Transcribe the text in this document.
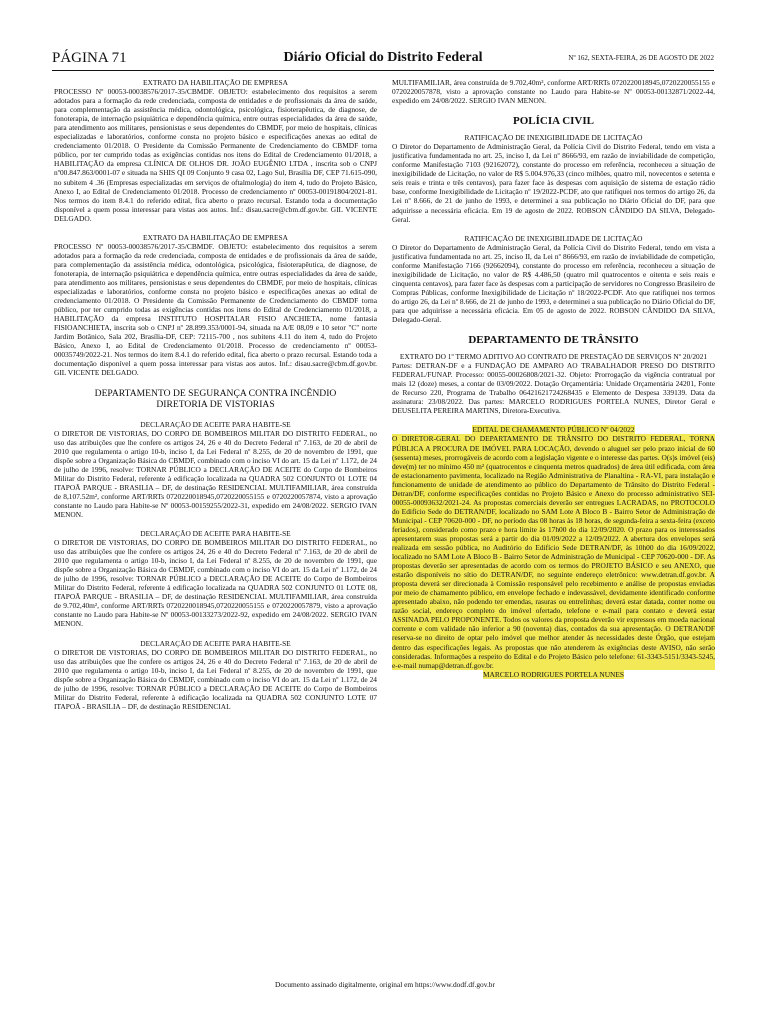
PÁGINA 71	Diário Oficial do Distrito Federal	Nº 162, SEXTA-FEIRA, 26 DE AGOSTO DE 2022

EXTRATO DA HABILITAÇÃO DE EMPRESA

PROCESSO Nº 00053-00038576/2017-35/CBMDF. OBJETO: estabelecimento dos requisitos a serem adotados para a formação da rede credenciada, composta de entidades e de profissionais da área de saúde, para complementação da assistência médica, odontológica, psicológica, fisioterapêutica, de diagnose, de fonoterapia, de internação psiquiátrica e dependência química, entre outras especialidades da área de saúde, para atendimento aos militares, pensionistas e seus dependentes do CBMDF, por meio de hospitais, clínicas especializadas e laboratórios, conforme consta no projeto básico e especificações anexas ao edital de credenciamento 01/2018. O Presidente da Comissão Permanente de Credenciamento do CBMDF torna público, por ter cumprido todas as exigências contidas nos itens do Edital de Credenciamento 01/2018, a HABILITAÇÃO da empresa CLÍNICA DE OLHOS DR. JOÃO EUGÊNIO LTDA , inscrita sob o CNPJ nº00.847.863/0001-07 e situada na SHIS QI 09 Conjunto 9 casa 02, Lago Sul, Brasília DF, CEP 71.615-090, no subitem 4 .36 (Empresas especializadas em serviços de oftalmologia) do item 4, tudo do Projeto Básico, Anexo I, ao Edital de Credenciamento 01/2018. Processo de credenciamento nº 00053-00191804/2021-81. Nos termos do item 8.4.1 do referido edital, fica aberto o prazo recursal. Estando toda a documentação disponível a quem possa interessar para vistas aos autos. Inf.: disau.sacre@cbm.df.gov.br. GIL VICENTE DELGADO.

EXTRATO DA HABILITAÇÃO DE EMPRESA

PROCESSO Nº 00053-00038576/2017-35/CBMDF. OBJETO: estabelecimento dos requisitos a serem adotados para a formação da rede credenciada, composta de entidades e de profissionais da área de saúde, para complementação da assistência médica, odontológica, psicológica, fisioterapêutica, de diagnose, de fonoterapia, de internação psiquiátrica e dependência química, entre outras especialidades da área de saúde, para atendimento aos militares, pensionistas e seus dependentes do CBMDF, por meio de hospitais, clínicas especializadas e laboratórios, conforme consta no projeto básico e especificações anexas ao edital de credenciamento 01/2018. O Presidente da Comissão Permanente de Credenciamento do CBMDF torna público, por ter cumprido todas as exigências contidas nos itens do Edital de Credenciamento 01/2018, a HABILITAÇÃO da empresa INSTITUTO HOSPITALAR FISIO ANCHIETA, nome fantasia FISIOANCHIETA, inscrita sob o CNPJ nº 28.899.353/0001-94, situada na A/E 08,09 e 10 setor "C" norte Jardim Botânico, Sala 202, Brasília-DF, CEP: 72115-700 , nos subitens 4.11 do item 4, tudo do Projeto Básico, Anexo I, ao Edital de Credenciamento 01/2018. Processo de credenciamento nº 00053-00035749/2022-21. Nos termos do item 8.4.1 do referido edital, fica aberto o prazo recursal. Estando toda a documentação disponível a quem possa interessar para vistas aos autos. Inf.: disau.sacre@cbm.df.gov.br. GIL VICENTE DELGADO.

DEPARTAMENTO DE SEGURANÇA CONTRA INCÊNDIO

DIRETORIA DE VISTORIAS

DECLARAÇÃO DE ACEITE PARA HABITE-SE

O DIRETOR DE VISTORIAS, DO CORPO DE BOMBEIROS MILITAR DO DISTRITO FEDERAL, no uso das atribuições que lhe confere os artigos 24, 26 e 40 do Decreto Federal nº 7.163, de 20 de abril de 2010 que regulamenta o artigo 10-b, inciso I, da Lei Federal nº 8.255, de 20 de novembro de 1991, que dispõe sobre a Organização Básica do CBMDF, combinado com o inciso VI do art. 15 da Lei nº 1.172, de 24 de julho de 1996, resolve: TORNAR PÚBLICO a DECLARAÇÃO DE ACEITE do Corpo de Bombeiros Militar do Distrito Federal, referente à edificação localizada na QUADRA 502 CONJUNTO 01 LOTE 04 ITAPOÃ PARQUE - BRASILIA – DF, de destinação RESIDENCIAL MULTIFAMILIAR, área construída de 8,107.52m², conforme ART/RRTs 0720220018945,0720220055155 e 0720220057874, visto a aprovação constante no Laudo para Habite-se Nº 00053-00159255/2022-31, expedido em 24/08/2022. SERGIO IVAN MENON.

DECLARAÇÃO DE ACEITE PARA HABITE-SE

O DIRETOR DE VISTORIAS, DO CORPO DE BOMBEIROS MILITAR DO DISTRITO FEDERAL, no uso das atribuições que lhe confere os artigos 24, 26 e 40 do Decreto Federal nº 7.163, de 20 de abril de 2010 que regulamenta o artigo 10-b, inciso I, da Lei Federal nº 8.255, de 20 de novembro de 1991, que dispõe sobre a Organização Básica do CBMDF, combinado com o inciso VI do art. 15 da Lei nº 1.172, de 24 de julho de 1996, resolve: TORNAR PÚBLICO a DECLARAÇÃO DE ACEITE do Corpo de Bombeiros Militar do Distrito Federal, referente à edificação localizada na QUADRA 502 CONJUNTO 01 LOTE 08, ITAPOÃ PARQUE - BRASILIA – DF, de destinação RESIDENCIAL MULTIFAMILIAR, área construída de 9.702,40m², conforme ART/RRTs 0720220018945,0720220055155 e 0720220057879, visto a aprovação constante no Laudo para Habite-se Nº 00053-00133273/2022-92, expedido em 24/08/2022. SERGIO IVAN MENON.

DECLARAÇÃO DE ACEITE PARA HABITE-SE

O DIRETOR DE VISTORIAS, DO CORPO DE BOMBEIROS MILITAR DO DISTRITO FEDERAL, no uso das atribuições que lhe confere os artigos 24, 26 e 40 do Decreto Federal nº 7.163, de 20 de abril de 2010 que regulamenta o artigo 10-b, inciso I, da Lei Federal nº 8.255, de 20 de novembro de 1991, que dispõe sobre a Organização Básica do CBMDF, combinado com o inciso VI do art. 15 da Lei nº 1.172, de 24 de julho de 1996, resolve: TORNAR PÚBLICO a DECLARAÇÃO DE ACEITE do Corpo de Bombeiros Militar do Distrito Federal, referente à edificação localizada na QUADRA 502 CONJUNTO LOTE 07 ITAPOÃ - BRASILIA – DF, de destinação RESIDENCIAL

MULTIFAMILIAR, área construída de 9.702,40m², conforme ART/RRTs 0720220018945,0720220055155 e 0720220057878, visto a aprovação constante no Laudo para Habite-se Nº 00053-00132871/2022-44, expedido em 24/08/2022. SERGIO IVAN MENON.

POLÍCIA CIVIL

RATIFICAÇÃO DE INEXIGIBILIDADE DE LICITAÇÃO

O Diretor do Departamento de Administração Geral, da Polícia Civil do Distrito Federal, tendo em vista a justificativa fundamentada no art. 25, inciso I, da Lei nº 8666/93, em razão de inviabilidade de competição, conforme Manifestação 7103 (92162072), constante do processo em referência, reconheceu a situação de inexigibilidade de Licitação, no valor de R$ 5.004.976,33 (cinco milhões, quatro mil, novecentos e setenta e seis reais e trinta e três centavos), para fazer face às despesas com aquisição de sistema de estação rádio base, conforme Inexigibilidade de Licitação nº 19/2022-PCDF, ato que ratifiquei nos termos do artigo 26, da Lei nº 8.666, de 21 de junho de 1993, e determinei a sua publicação no Diário Oficial do DF, para que adquirisse a necessária eficácia. Em 19 de agosto de 2022. ROBSON CÂNDIDO DA SILVA, Delegado-Geral.

RATIFICAÇÃO DE INEXIGIBILIDADE DE LICITAÇÃO

O Diretor do Departamento de Administração Geral, da Polícia Civil do Distrito Federal, tendo em vista a justificativa fundamentada no art. 25, inciso II, da Lei nº 8666/93, em razão de inviabilidade de competição, conforme Manifestação 7166 (92662094), constante do processo em referência, reconheceu a situação de inexigibilidade de Licitação, no valor de R$ 4.486,50 (quatro mil quatrocentos e oitenta e seis reais e cinquenta centavos), para fazer face às despesas com a participação de servidores no Congresso Brasileiro de Compras Públicas, conforme Inexigibilidade de Licitação nº 18/2022-PCDF. Ato que ratifiquei nos termos do artigo 26, da Lei nº 8.666, de 21 de junho de 1993, e determinei a sua publicação no Diário Oficial do DF, para que adquirisse a necessária eficácia. Em 05 de agosto de 2022. ROBSON CÂNDIDO DA SILVA, Delegado-Geral.

DEPARTAMENTO DE TRÂNSITO

EXTRATO DO 1º TERMO ADITIVO AO CONTRATO DE PRESTAÇÃO DE SERVIÇOS Nº 20/2021

Partes: DETRAN-DF e a FUNDAÇÃO DE AMPARO AO TRABALHADOR PRESO DO DISTRITO FEDERAL/FUNAP. Processo: 00055-00026808/2021-32. Objeto: Prorrogação da vigência contratual por mais 12 (doze) meses, a contar de 03/09/2022. Dotação Orçamentária: Unidade Orçamentária 24201, Fonte de Recurso 220, Programa de Trabalho 06421621724268435 e Elemento de Despesa 339139. Data da assinatura: 23/08/2022. Das partes: MARCELO RODRIGUES PORTELA NUNES, Diretor Geral e DEUSELITA PEREIRA MARTINS, Diretora-Executiva.

EDITAL DE CHAMAMENTO PÚBLICO Nº 04/2022

O DIRETOR-GERAL DO DEPARTAMENTO DE TRÂNSITO DO DISTRITO FEDERAL, TORNA PÚBLICA A PROCURA DE IMÓVEL PARA LOCAÇÃO, devendo o aluguel ser pelo prazo inicial de 60 (sessenta) meses, prorrogáveis de acordo com a legislação vigente e o interesse das partes. O(s)s imóvel (eis) deve(m) ter no mínimo 450 m² (quatrocentos e cinquenta metros quadrados) de área útil edificada, com área de estacionamento pavimenta, localizado na Região Administrativa de Planaltina - RA-VI, para instalação e funcionamento de unidade de atendimento ao público do Departamento de Trânsito do Distrito Federal - Detran/DF, conforme especificações contidas no Projeto Básico e Anexo do processo administrativo SEI- 00055-00093632/2021-24. As propostas comerciais deverão ser entregues LACRADAS, no PROTOCOLO do Edifício Sede do DETRAN/DF, localizado no SAM Lote A Bloco B - Bairro Setor de Administração de Municipal - CEP 70620-000 - DF, no período das 08 horas às 18 horas, de segunda-feira a sexta-feira (exceto feriados), considerado como prazo e hora limite às 17h00 do dia 12/09/2020. O prazo para os interessados apresentarem suas propostas será a partir do dia 01/09/2022 a 12/09/2022. A abertura dos envelopes será realizada em sessão pública, no Auditório do Edifício Sede DETRAN/DF, às 10h00 do dia 16/09/2022, localizado no SAM Lote A Bloco B - Bairro Setor de Administração de Municipal - CEP 70620-000 - DF. As propostas deverão ser apresentadas de acordo com os termos do PROJETO BÁSICO e seu ANEXO, que estarão disponíveis no sítio do DETRAN/DF, no seguinte endereço eletrônico: www.detran.df.gov.br. A proposta deverá ser direcionada à Comissão responsável pelo recebimento e análise de propostas enviadas por meio de chamamento público, em envelope fechado e indevassável, devidamente identificado conforme apresentado abaixo, não podendo ter emendas, rasuras ou entrelinhas; deverá estar datada, conter nome ou razão social, endereço completo do imóvel ofertado, telefone e e-mail para contato e deverá estar ASSINADA PELO PROPONENTE. Todos os valores da proposta deverão vir expressos em moeda nacional corrente e com validade não inferior a 90 (noventa) dias, contados da sua apresentação. O DETRAN/DF reserva-se no direito de optar pelo imóvel que melhor atender às necessidades deste Órgão, que estejam dentro das especificações legais. As propostas que não atenderem às exigências deste AVISO, não serão consideradas. Informações a respeito do Edital e do Projeto Básico pelo telefone: 61-3343-5151/3343-5245, e-e-mail numap@detran.df.gov.br.

MARCELO RODRIGUES PORTELA NUNES

Documento assinado digitalmente, original em https://www.dodf.df.gov.br
